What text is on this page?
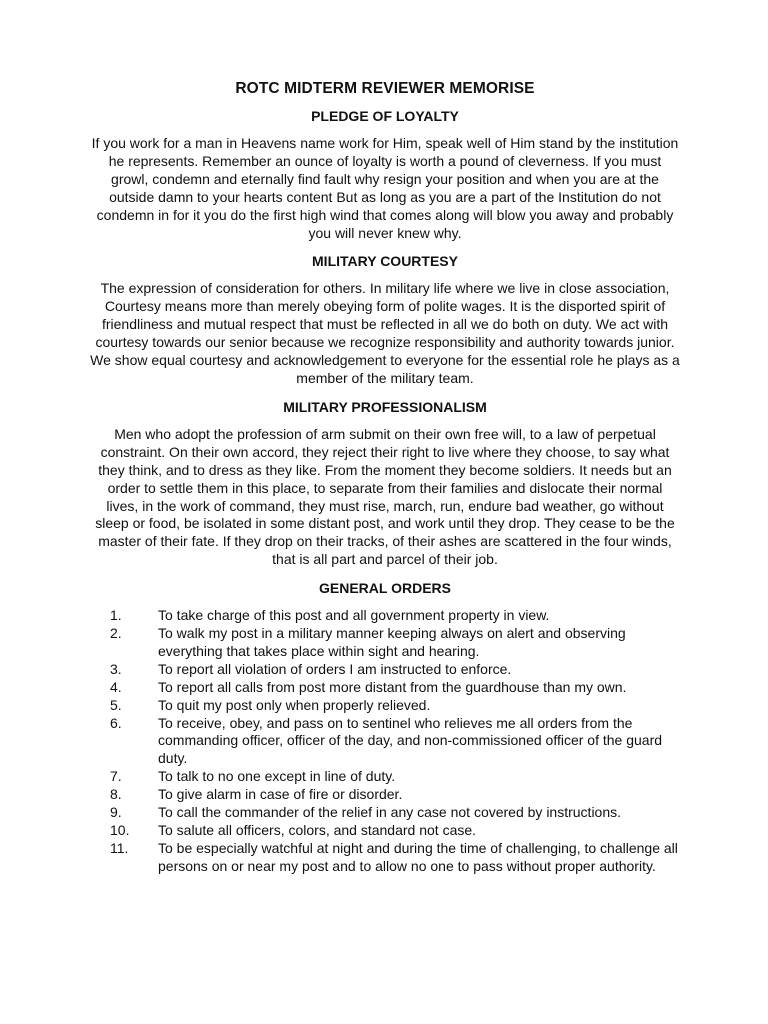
ROTC MIDTERM REVIEWER MEMORISE
PLEDGE OF LOYALTY

If you work for a man in Heavens name work for Him, speak well of Him stand by the institution he represents. Remember an ounce of loyalty is worth a pound of cleverness. If you must growl, condemn and eternally find fault why resign your position and when you are at the outside damn to your hearts content But as long as you are a part of the Institution do not condemn in for it you do the first high wind that comes along will blow you away and probably you will never knew why.

MILITARY COURTESY

The expression of consideration for others. In military life where we live in close association, Courtesy means more than merely obeying form of polite wages. It is the disported spirit of friendliness and mutual respect that must be reflected in all we do both on duty. We act with courtesy towards our senior because we recognize responsibility and authority towards junior. We show equal courtesy and acknowledgement to everyone for the essential role he plays as a member of the military team.

MILITARY PROFESSIONALISM

Men who adopt the profession of arm submit on their own free will, to a law of perpetual constraint. On their own accord, they reject their right to live where they choose, to say what they think, and to dress as they like. From the moment they become soldiers. It needs but an order to settle them in this place, to separate from their families and dislocate their normal lives, in the work of command, they must rise, march, run, endure bad weather, go without sleep or food, be isolated in some distant post, and work until they drop. They cease to be the master of their fate. If they drop on their tracks, of their ashes are scattered in the four winds, that is all part and parcel of their job.

GENERAL ORDERS
1.	To take charge of this post and all government property in view.
2.	To walk my post in a military manner keeping always on alert and observing everything that takes place within sight and hearing.
3.	To report all violation of orders I am instructed to enforce.
4.	To report all calls from post more distant from the guardhouse than my own.
5.	To quit my post only when properly relieved.
6.	To receive, obey, and pass on to sentinel who relieves me all orders from the commanding officer, officer of the day, and non-commissioned officer of the guard duty.
7.	To talk to no one except in line of duty.
8.	To give alarm in case of fire or disorder.
9.	To call the commander of the relief in any case not covered by instructions.
10.	To salute all officers, colors, and standard not case.
11.	To be especially watchful at night and during the time of challenging, to challenge all persons on or near my post and to allow no one to pass without proper authority.
